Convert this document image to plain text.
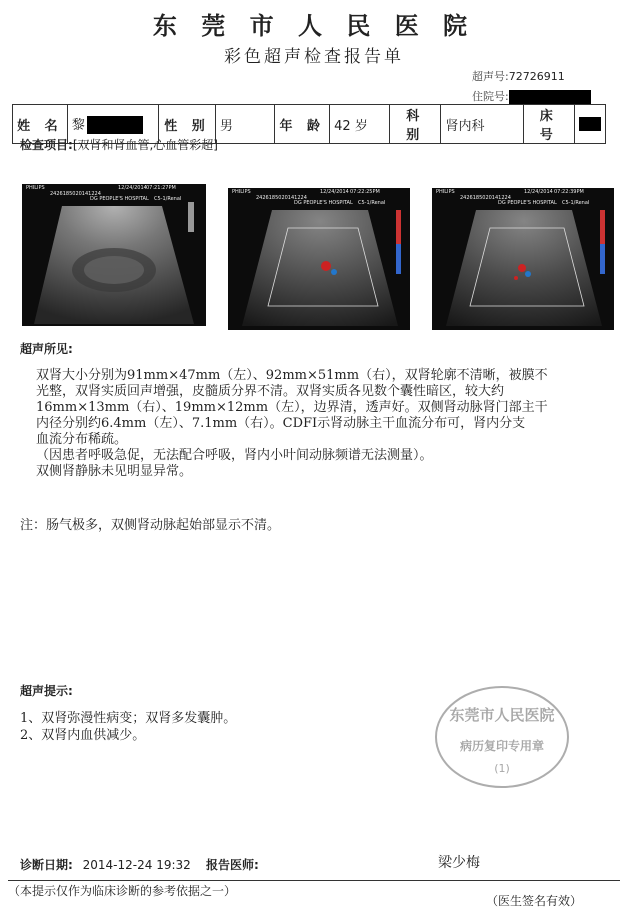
东 莞 市 人 民 医 院
彩色超声检查报告单
超声号:72726911
住院号:
姓 名	黎	性 别	男	年 龄	42 岁	科 别	肾内科	床 号	
检查项目:[双肾和肾血管,心血管彩超]
PHILIPS	12/24/2014 07:21:27PM
2426185020141224
DG PEOPLE'S HOSPITAL C5-1/Renal
PHILIPS	12/24/2014 07:22:25PM
2426185020141224
DG PEOPLE'S HOSPITAL C5-1/Renal
PHILIPS	12/24/2014 07:22:39PM
2426185020141224
DG PEOPLE'S HOSPITAL C5-1/Renal
超声所见:

双肾大小分别为91mm×47mm（左）、92mm×51mm（右），双肾轮廓不清晰，被膜不

光整，双肾实质回声增强，皮髓质分界不清。双肾实质各见数个囊性暗区，较大约

16mm×13mm（右）、19mm×12mm（左），边界清，透声好。双侧肾动脉肾门部主干

内径分别约6.4mm（左）、7.1mm（右）。CDFI示肾动脉主干血流分布可，肾内分支

血流分布稀疏。

（因患者呼吸急促，无法配合呼吸，肾内小叶间动脉频谱无法测量）。

双侧肾静脉未见明显异常。

注：肠气极多，双侧肾动脉起始部显示不清。
超声提示:

1、双肾弥漫性病变；双肾多发囊肿。

2、双肾内血供减少。

东莞市人民医院
病历复印专用章
(1)
诊断日期: 2014-12-24 19:32 报告医师:	梁少梅
（本提示仅作为临床诊断的参考依据之一）
（医生签名有效）
